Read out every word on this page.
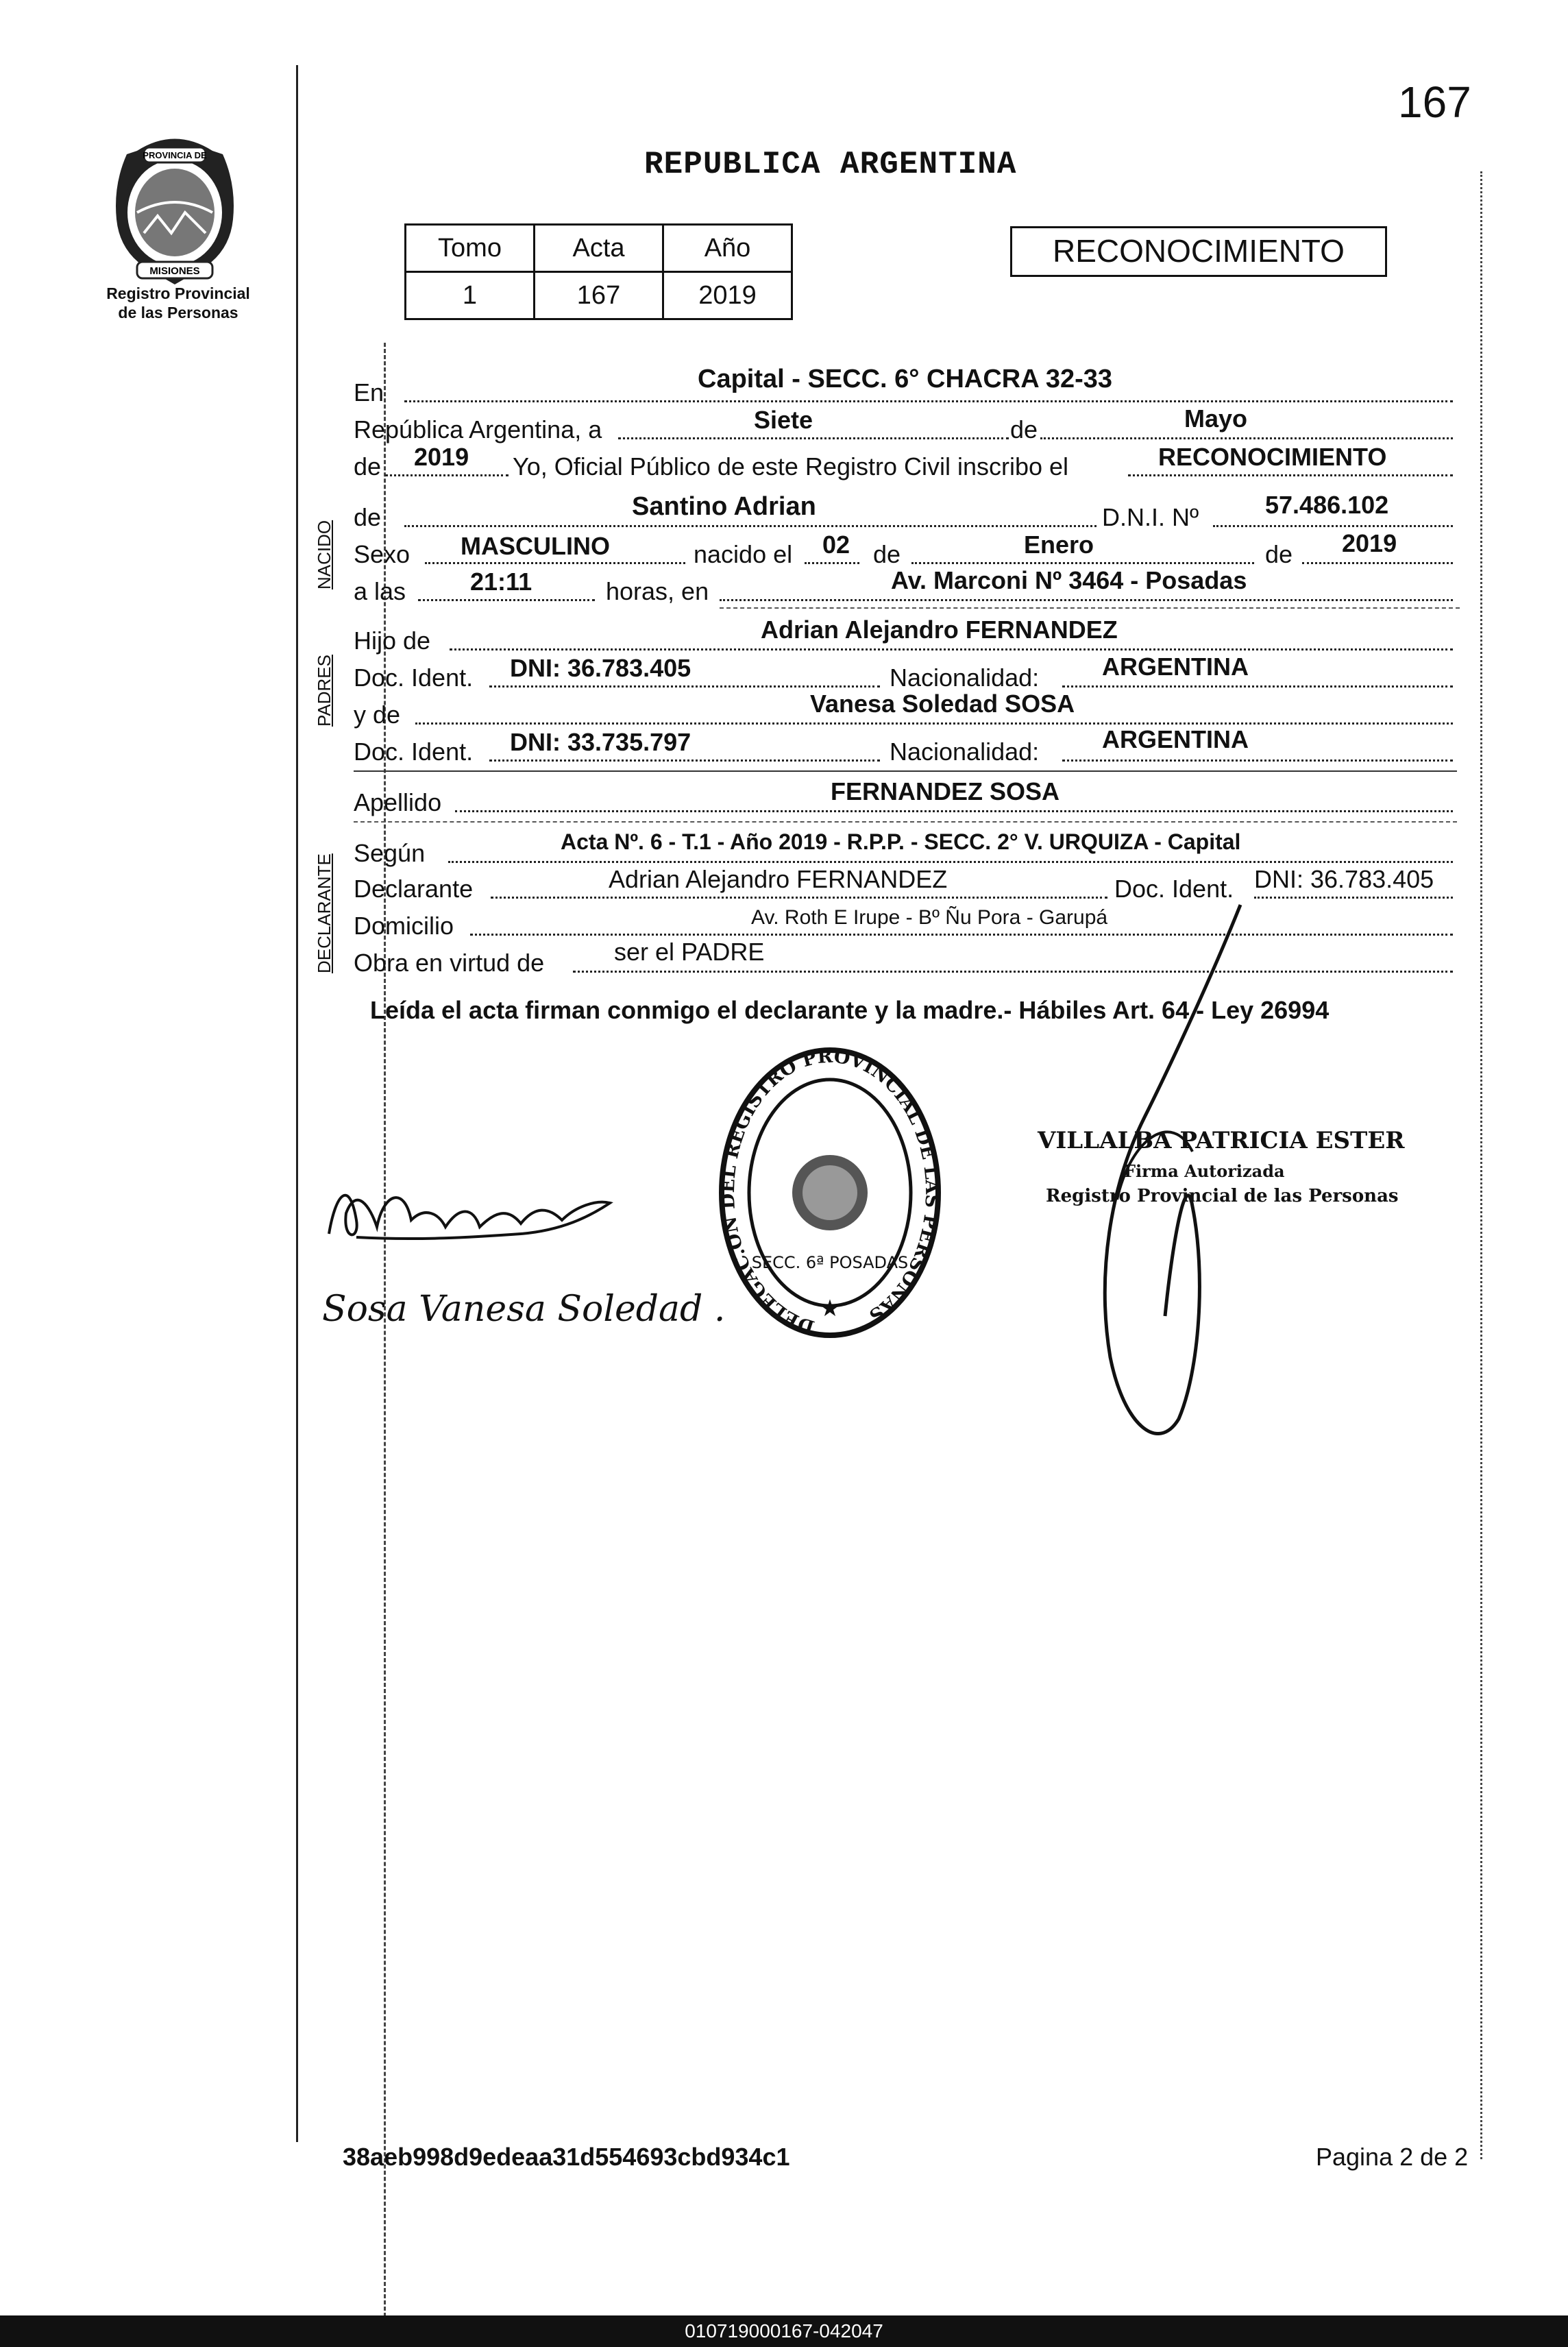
167
PROVINCIA DE
MISIONES
Registro Provincial
de las Personas
REPUBLICA ARGENTINA
Tomo	Acta	Año
1	167	2019
RECONOCIMIENTO
NACIDO
PADRES
DECLARANTE
En	Capital - SECC. 6° CHACRA 32-33
República Argentina, a	Siete	de	Mayo
de 2019 Yo, Oficial Público de este Registro Civil inscribo el	RECONOCIMIENTO
de	Santino Adrian	D.N.I. Nº	57.486.102
Sexo MASCULINO	nacido el 02 de	Enero	de 2019
a las	21:11	horas, en	Av. Marconi Nº 3464 - Posadas
Hijo de	Adrian Alejandro FERNANDEZ
Doc. Ident. DNI: 36.783.405	Nacionalidad:	ARGENTINA
y de	Vanesa Soledad SOSA
Doc. Ident. DNI: 33.735.797	Nacionalidad:	ARGENTINA
Apellido	FERNANDEZ SOSA
Según	Acta Nº. 6 - T.1 - Año 2019 - R.P.P. - SECC. 2° V. URQUIZA - Capital
Declarante	Adrian Alejandro FERNANDEZ	Doc. Ident. DNI: 36.783.405
Domicilio	Av. Roth E Irupe - Bº Ñu Pora - Garupá
Obra en virtud de	ser el PADRE
Leída el acta firman conmigo el declarante y la madre.- Hábiles Art. 64 - Ley 26994
DELEGAC.ON DEL REGISTRO PROVINCIAL DE LAS PERSONAS
SECC. 6ª POSADAS
★
VILLALBA PATRICIA ESTER
Firma Autorizada
Registro Provincial de las Personas
Sosa Vanesa Soledad .
38aeb998d9edeaa31d554693cbd934c1	Pagina 2 de 2
010719000167-042047
